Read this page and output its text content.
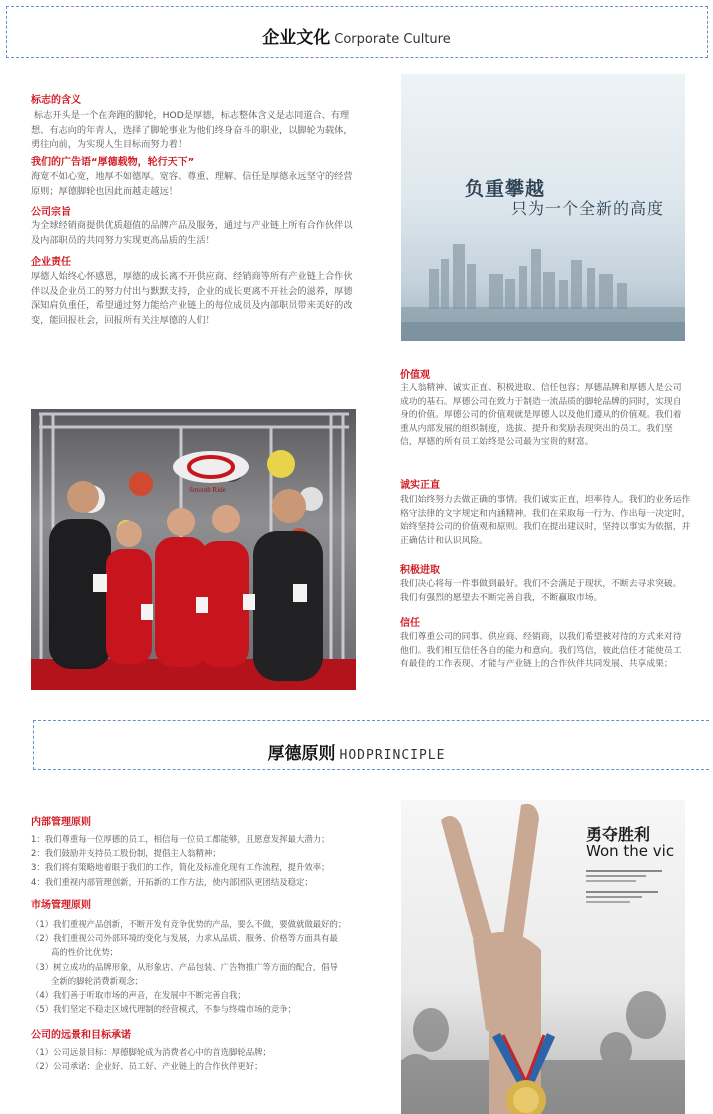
企业文化 Corporate Culture
标志的含义
标志开头是一个在奔跑的脚轮，HOD是厚德，标志整体含义是志同道合、有理想、有志向的年青人，选择了脚轮事业为他们终身奋斗的职业，以脚轮为载体，勇往向前，为实现人生目标而努力着！
我们的广告语“厚德载物，轮行天下”
海宽不如心宽，地厚不如德厚。宽容、尊重、理解、信任是厚德永远坚守的经营原则；厚德脚轮也因此而越走越远！
公司宗旨
为全球经销商提供优质超值的品牌产品及服务，通过与产业链上所有合作伙伴以及内部职员的共同努力实现更高品质的生活！
企业责任
厚德人始终心怀感恩，厚德的成长离不开供应商、经销商等所有产业链上合作伙伴以及企业员工的努力付出与默默支持，企业的成长更离不开社会的滋养，厚德深知肩负重任，希望通过努力能给产业链上的每位成员及内部职员带来美好的改变，能回报社会，回报所有关注厚德的人们！
负重攀越
只为一个全新的高度
价值观
主人翁精神、诚实正直、积极进取、信任包容；厚德品牌和厚德人是公司成功的基石。厚德公司在致力于制造一流品质的脚轮品牌的同时，实现自身的价值。厚德公司的价值观就是厚德人以及他们遵从的价值观。我们着重从内部发展的组织制度，选拔、提升和奖励表现突出的员工。我们坚信，厚德的所有员工始终是公司最为宝贵的财富。
诚实正直
我们始终努力去做正确的事情。我们诚实正直，坦率待人。我们的业务运作格守法律的文字规定和内涵精神。我们在采取每一行为、作出每一决定时，始终坚持公司的价值观和原则。我们在提出建议时，坚持以事实为依据，并正确估计和认识风险。
积极进取
我们决心将每一件事做到最好。我们不会满足于现状，不断去寻求突破。我们有强烈的愿望去不断完善自我，不断赢取市场。
信任
我们尊重公司的同事、供应商、经销商，以我们希望被对待的方式来对待他们。我们相互信任各自的能力和意向。我们笃信，彼此信任才能使员工有最佳的工作表现、才能与产业链上的合作伙伴共同发展、共享成果；
Smooth Ride
厚德原则 HODPRINCIPLE
内部管理原则
1：我们尊重每一位厚德的员工，相信每一位员工都能够，且愿意发挥最大潜力；
2：我们鼓励并支持员工股份制，提倡主人翁精神；
3：我们将有策略地着眼于我们的工作，简化及标准化现有工作流程，提升效率；
4：我们重视内部管理创新，开拓新的工作方法，使内部团队更团结及稳定；
市场管理原则
（1）我们重视产品创新，不断开发有竞争优势的产品，要么不做，要做就做最好的；
（2）我们重视公司外部环境的变化与发展，力求从品质、服务、价格等方面具有最
高的性价比优势；
（3）树立成功的品牌形象，从形象店、产品包装、广告物推广等方面的配合，倡导
全新的脚轮消费新观念；
（4）我们善于听取市场的声音，在发展中不断完善自我；
（5）我们坚定不稳走区域代理制的经营模式，不参与终端市场的竞争；
公司的远景和目标承诺
（1）公司远景目标：厚德脚轮成为消费者心中的首选脚轮品牌；
（2）公司承诺：企业好、员工好、产业链上的合作伙伴更好；
勇夺胜利
Won the vic
